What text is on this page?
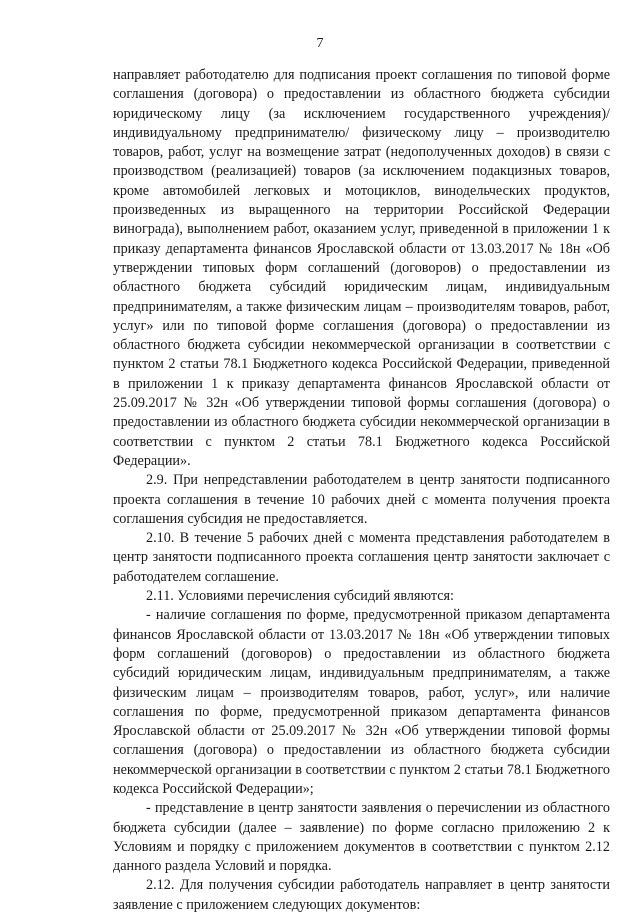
7

направляет работодателю для подписания проект соглашения по типовой форме соглашения (договора) о предоставлении из областного бюджета субсидии юридическому лицу (за исключением государственного учреждения)/ индивидуальному предпринимателю/ физическому лицу – производителю товаров, работ, услуг на возмещение затрат (недополученных доходов) в связи с производством (реализацией) товаров (за исключением подакцизных товаров, кроме автомобилей легковых и мотоциклов, винодельческих продуктов, произведенных из выращенного на территории Российской Федерации винограда), выполнением работ, оказанием услуг, приведенной в приложении 1 к приказу департамента финансов Ярославской области от 13.03.2017 № 18н «Об утверждении типовых форм соглашений (договоров) о предоставлении из областного бюджета субсидий юридическим лицам, индивидуальным предпринимателям, а также физическим лицам – производителям товаров, работ, услуг» или по типовой форме соглашения (договора) о предоставлении из областного бюджета субсидии некоммерческой организации в соответствии с пунктом 2 статьи 78.1 Бюджетного кодекса Российской Федерации, приведенной в приложении 1 к приказу департамента финансов Ярославской области от 25.09.2017 № 32н «Об утверждении типовой формы соглашения (договора) о предоставлении из областного бюджета субсидии некоммерческой организации в соответствии с пунктом 2 статьи 78.1 Бюджетного кодекса Российской Федерации».

2.9. При непредставлении работодателем в центр занятости подписанного проекта соглашения в течение 10 рабочих дней с момента получения проекта соглашения субсидия не предоставляется.

2.10. В течение 5 рабочих дней с момента представления работодателем в центр занятости подписанного проекта соглашения центр занятости заключает с работодателем соглашение.

2.11. Условиями перечисления субсидий являются:

- наличие соглашения по форме, предусмотренной приказом департамента финансов Ярославской области от 13.03.2017 № 18н «Об утверждении типовых форм соглашений (договоров) о предоставлении из областного бюджета субсидий юридическим лицам, индивидуальным предпринимателям, а также физическим лицам – производителям товаров, работ, услуг», или наличие соглашения по форме, предусмотренной приказом департамента финансов Ярославской области от 25.09.2017 № 32н «Об утверждении типовой формы соглашения (договора) о предоставлении из областного бюджета субсидии некоммерческой организации в соответствии с пунктом 2 статьи 78.1 Бюджетного кодекса Российской Федерации»;

- представление в центр занятости заявления о перечислении из областного бюджета субсидии (далее – заявление) по форме согласно приложению 2 к Условиям и порядку с приложением документов в соответствии с пунктом 2.12 данного раздела Условий и порядка.

2.12. Для получения субсидии работодатель направляет в центр занятости заявление с приложением следующих документов:
